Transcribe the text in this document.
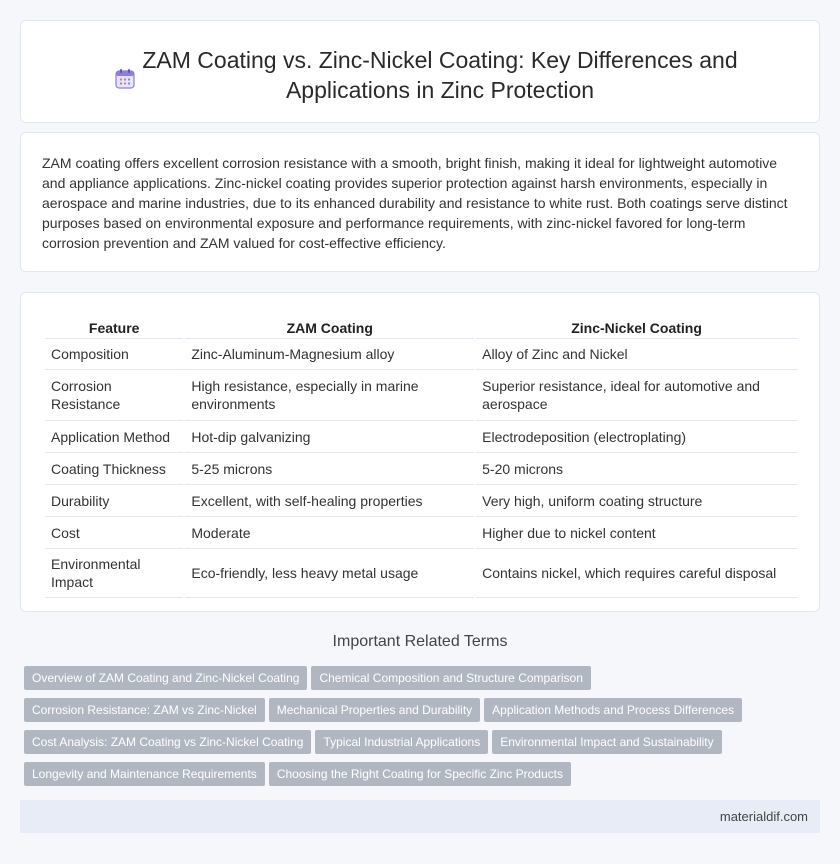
ZAM Coating vs. Zinc-Nickel Coating: Key Differences and Applications in Zinc Protection
ZAM coating offers excellent corrosion resistance with a smooth, bright finish, making it ideal for lightweight automotive and appliance applications. Zinc-nickel coating provides superior protection against harsh environments, especially in aerospace and marine industries, due to its enhanced durability and resistance to white rust. Both coatings serve distinct purposes based on environmental exposure and performance requirements, with zinc-nickel favored for long-term corrosion prevention and ZAM valued for cost-effective efficiency.
Feature	ZAM Coating	Zinc-Nickel Coating
Composition	Zinc-Aluminum-Magnesium alloy	Alloy of Zinc and Nickel
Corrosion Resistance	High resistance, especially in marine environments	Superior resistance, ideal for automotive and aerospace
Application Method	Hot-dip galvanizing	Electrodeposition (electroplating)
Coating Thickness	5-25 microns	5-20 microns
Durability	Excellent, with self-healing properties	Very high, uniform coating structure
Cost	Moderate	Higher due to nickel content
Environmental Impact	Eco-friendly, less heavy metal usage	Contains nickel, which requires careful disposal
Important Related Terms
Overview of ZAM Coating and Zinc-Nickel Coating Chemical Composition and Structure Comparison
Corrosion Resistance: ZAM vs Zinc-Nickel Mechanical Properties and Durability Application Methods and Process Differences
Cost Analysis: ZAM Coating vs Zinc-Nickel Coating Typical Industrial Applications Environmental Impact and Sustainability
Longevity and Maintenance Requirements Choosing the Right Coating for Specific Zinc Products
materialdif.com
